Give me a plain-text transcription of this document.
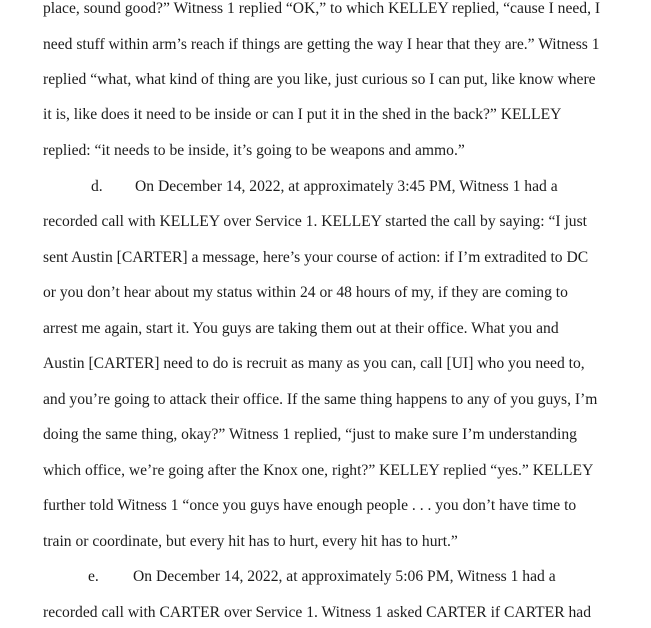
place, sound good?” Witness 1 replied “OK,” to which KELLEY replied, “cause I need, I
need stuff within arm’s reach if things are getting the way I hear that they are.” Witness 1
replied “what, what kind of thing are you like, just curious so I can put, like know where
it is, like does it need to be inside or can I put it in the shed in the back?” KELLEY
replied: “it needs to be inside, it’s going to be weapons and ammo.”
d. On December 14, 2022, at approximately 3:45 PM, Witness 1 had a
recorded call with KELLEY over Service 1. KELLEY started the call by saying: “I just
sent Austin [CARTER] a message, here’s your course of action: if I’m extradited to DC
or you don’t hear about my status within 24 or 48 hours of my, if they are coming to
arrest me again, start it. You guys are taking them out at their office. What you and
Austin [CARTER] need to do is recruit as many as you can, call [UI] who you need to,
and you’re going to attack their office. If the same thing happens to any of you guys, I’m
doing the same thing, okay?” Witness 1 replied, “just to make sure I’m understanding
which office, we’re going after the Knox one, right?” KELLEY replied “yes.” KELLEY
further told Witness 1 “once you guys have enough people . . . you don’t have time to
train or coordinate, but every hit has to hurt, every hit has to hurt.”
e. On December 14, 2022, at approximately 5:06 PM, Witness 1 had a
recorded call with CARTER over Service 1. Witness 1 asked CARTER if CARTER had
